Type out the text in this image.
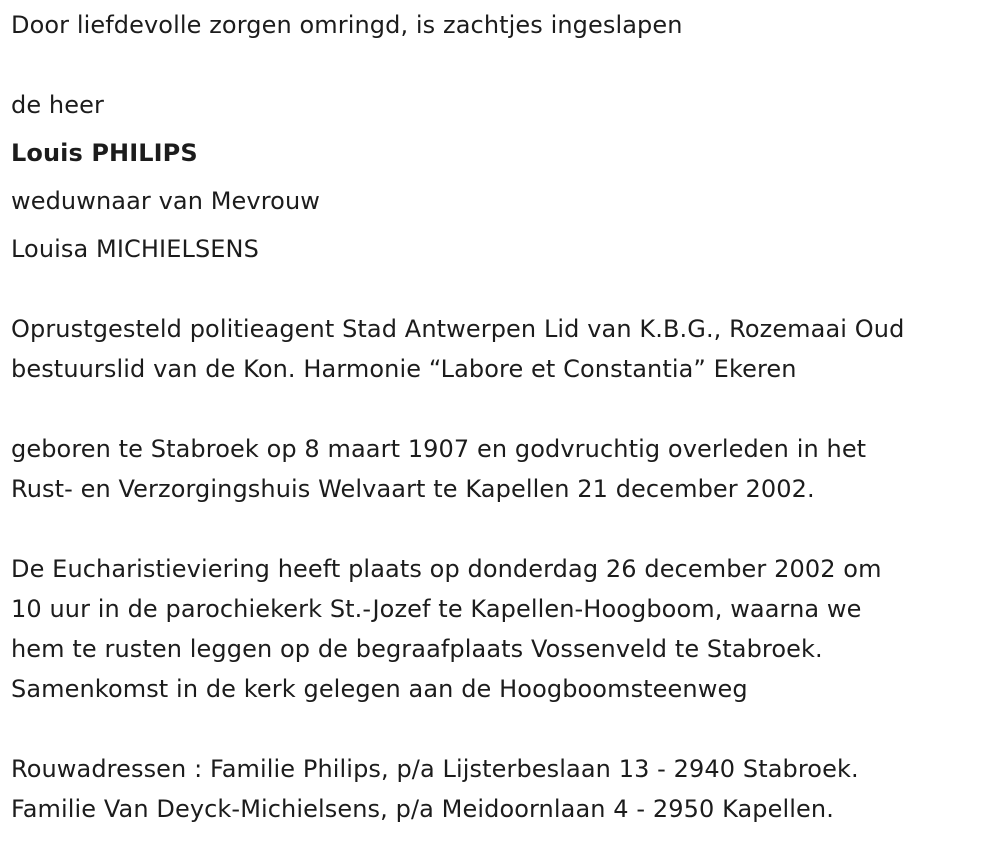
Door liefdevolle zorgen omringd, is zachtjes ingeslapen
de heer
Louis PHILIPS
weduwnaar van Mevrouw
Louisa MICHIELSENS
Oprustgesteld politieagent Stad Antwerpen Lid van K.B.G., Rozemaai Oud
bestuurslid van de Kon. Harmonie “Labore et Constantia” Ekeren
geboren te Stabroek op 8 maart 1907 en godvruchtig overleden in het
Rust- en Verzorgingshuis Welvaart te Kapellen 21 december 2002.
De Eucharistieviering heeft plaats op donderdag 26 december 2002 om
10 uur in de parochiekerk St.-Jozef te Kapellen-Hoogboom, waarna we
hem te rusten leggen op de begraafplaats Vossenveld te Stabroek.
Samenkomst in de kerk gelegen aan de Hoogboomsteenweg
Rouwadressen : Familie Philips, p/a Lijsterbeslaan 13 - 2940 Stabroek.
Familie Van Deyck-Michielsens, p/a Meidoornlaan 4 - 2950 Kapellen.
